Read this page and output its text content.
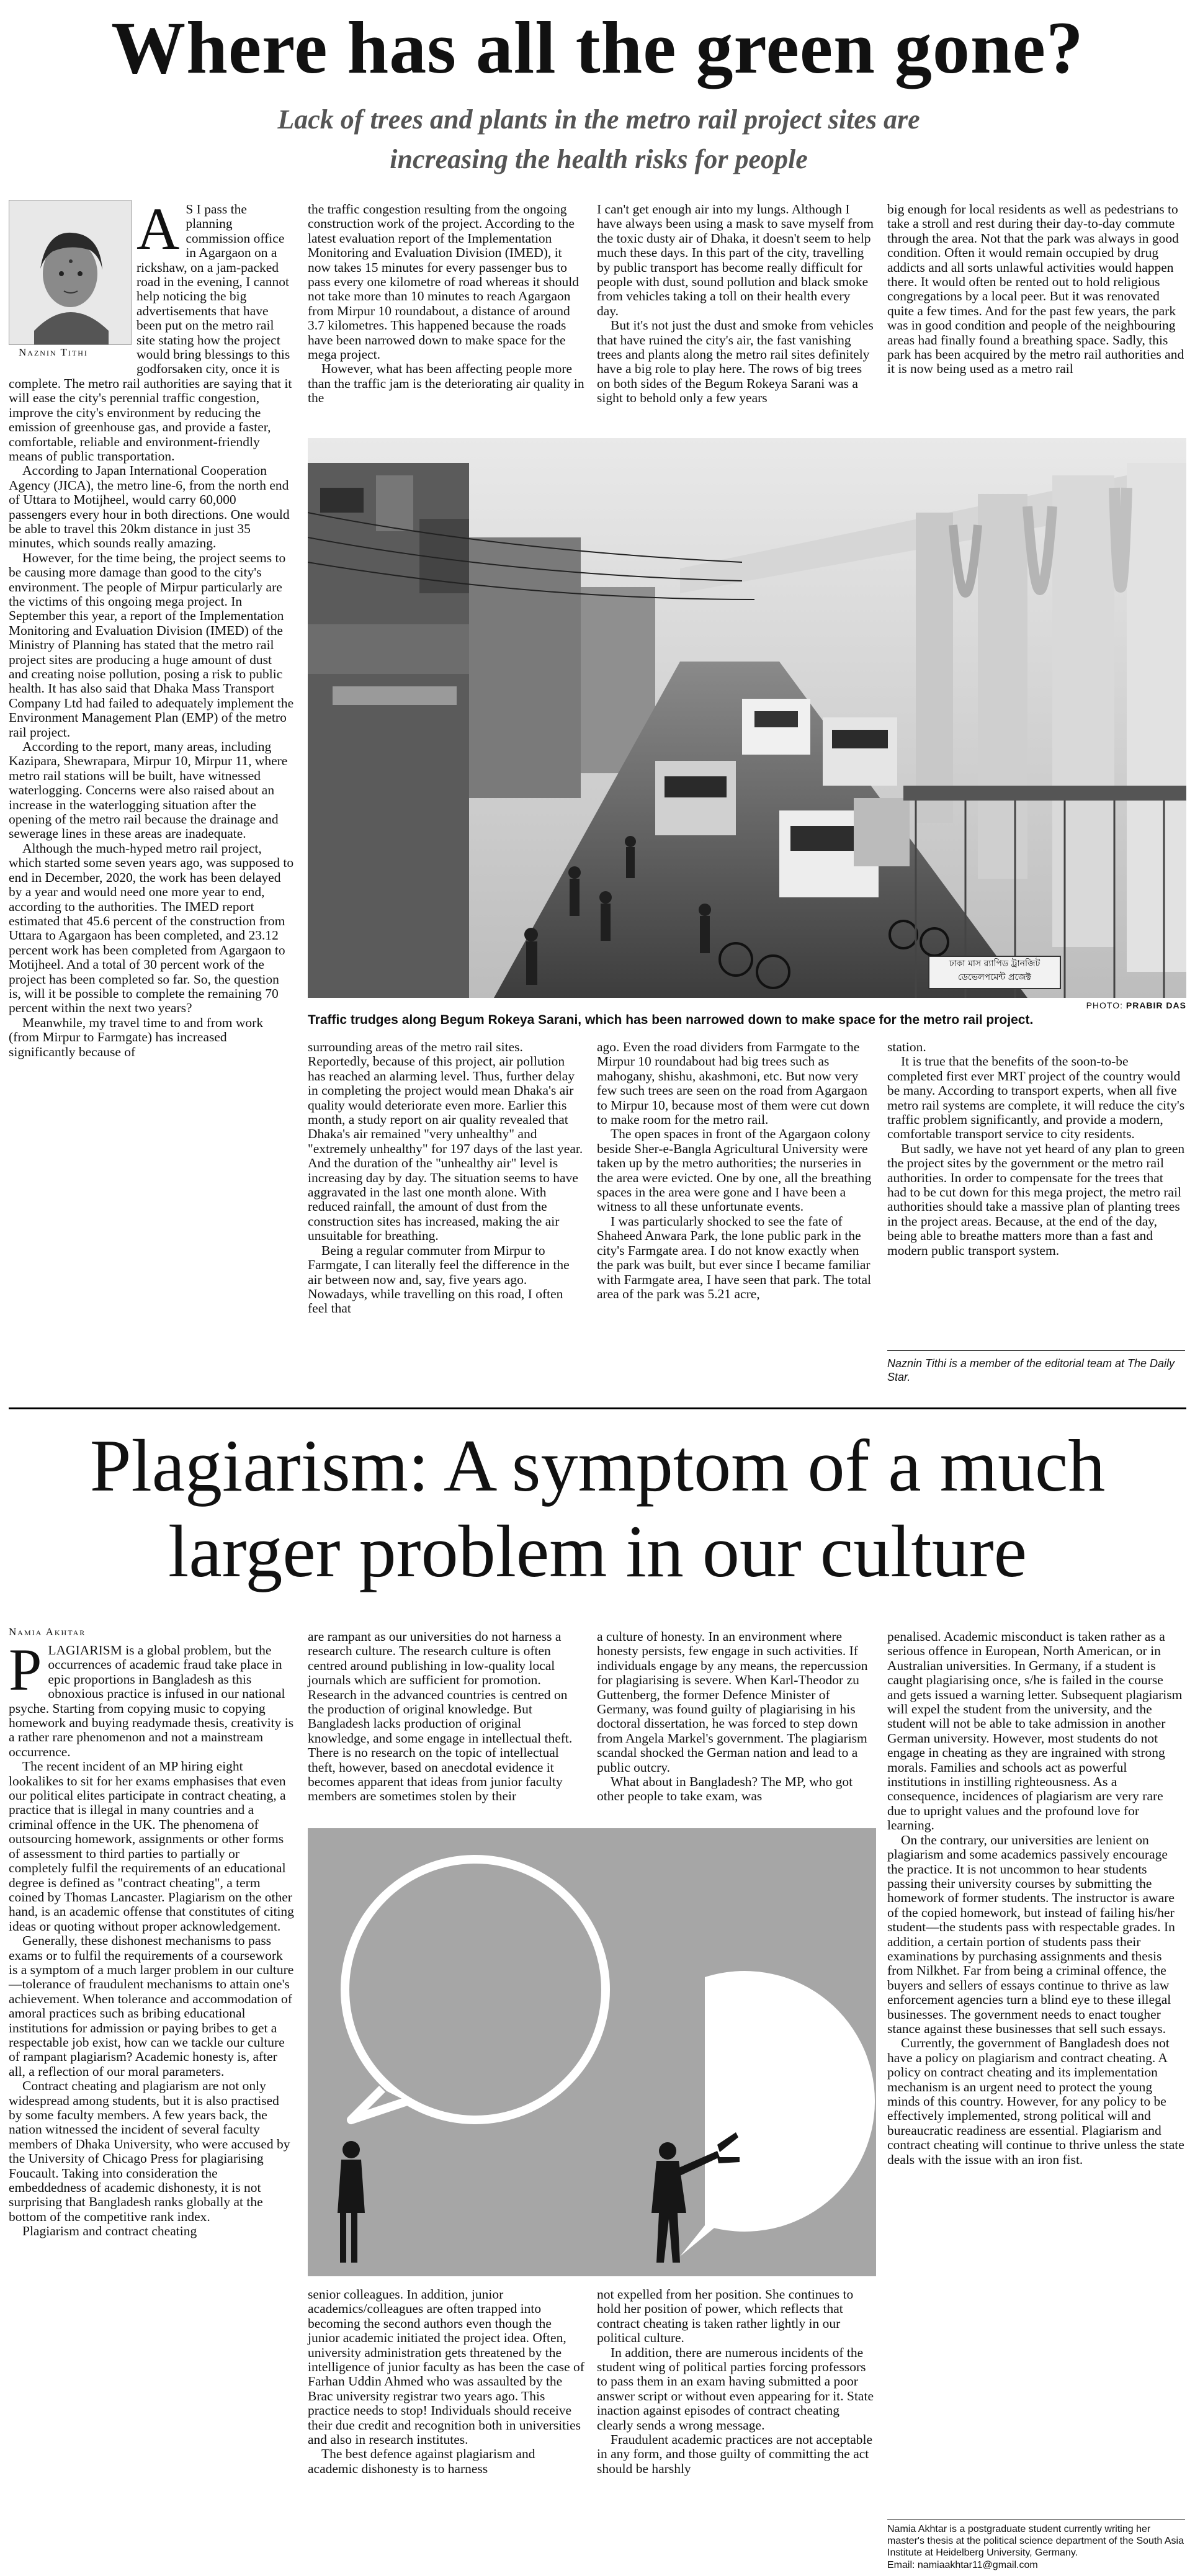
Where has all the green gone?
Lack of trees and plants in the metro rail project sites are
increasing the health risks for people
Naznin Tithi

A S I pass the planning commission office in Agargaon on a rickshaw, on a jam-packed road in the evening, I cannot help noticing the big advertisements that have been put on the metro rail site stating how the project would bring blessings to this godforsaken city, once it is complete. The metro rail authorities are saying that it will ease the city's perennial traffic congestion, improve the city's environment by reducing the emission of greenhouse gas, and provide a faster, comfortable, reliable and environment-friendly means of public transportation.

According to Japan International Cooperation Agency (JICA), the metro line-6, from the north end of Uttara to Motijheel, would carry 60,000 passengers every hour in both directions. One would be able to travel this 20km distance in just 35 minutes, which sounds really amazing.

However, for the time being, the project seems to be causing more damage than good to the city's environment. The people of Mirpur particularly are the victims of this ongoing mega project. In September this year, a report of the Implementation Monitoring and Evaluation Division (IMED) of the Ministry of Planning has stated that the metro rail project sites are producing a huge amount of dust and creating noise pollution, posing a risk to public health. It has also said that Dhaka Mass Transport Company Ltd had failed to adequately implement the Environment Management Plan (EMP) of the metro rail project.

According to the report, many areas, including Kazipara, Shewrapara, Mirpur 10, Mirpur 11, where metro rail stations will be built, have witnessed waterlogging. Concerns were also raised about an increase in the waterlogging situation after the opening of the metro rail because the drainage and sewerage lines in these areas are inadequate.

Although the much-hyped metro rail project, which started some seven years ago, was supposed to end in December, 2020, the work has been delayed by a year and would need one more year to end, according to the authorities. The IMED report estimated that 45.6 percent of the construction from Uttara to Agargaon has been completed, and 23.12 percent work has been completed from Agargaon to Motijheel. And a total of 30 percent work of the project has been completed so far. So, the question is, will it be possible to complete the remaining 70 percent within the next two years?

Meanwhile, my travel time to and from work (from Mirpur to Farmgate) has increased significantly because of

the traffic congestion resulting from the ongoing construction work of the project. According to the latest evaluation report of the Implementation Monitoring and Evaluation Division (IMED), it now takes 15 minutes for every passenger bus to pass every one kilometre of road whereas it should not take more than 10 minutes to reach Agargaon from Mirpur 10 roundabout, a distance of around 3.7 kilometres. This happened because the roads have been narrowed down to make space for the mega project.

However, what has been affecting people more than the traffic jam is the deteriorating air quality in the

I can't get enough air into my lungs. Although I have always been using a mask to save myself from the toxic dusty air of Dhaka, it doesn't seem to help much these days. In this part of the city, travelling by public transport has become really difficult for people with dust, sound pollution and black smoke from vehicles taking a toll on their health every day.

But it's not just the dust and smoke from vehicles that have ruined the city's air, the fast vanishing trees and plants along the metro rail sites definitely have a big role to play here. The rows of big trees on both sides of the Begum Rokeya Sarani was a sight to behold only a few years

big enough for local residents as well as pedestrians to take a stroll and rest during their day-to-day commute through the area. Not that the park was always in good condition. Often it would remain occupied by drug addicts and all sorts unlawful activities would happen there. It would often be rented out to hold religious congregations by a local peer. But it was renovated quite a few times. And for the past few years, the park was in good condition and people of the neighbouring areas had finally found a breathing space. Sadly, this park has been acquired by the metro rail authorities and it is now being used as a metro rail

ঢাকা মাস র‍্যাপিড ট্রানজিট ডেভেলপমেন্ট প্রজেক্ট
PHOTO: PRABIR DAS
Traffic trudges along Begum Rokeya Sarani, which has been narrowed down to make space for the metro rail project.

surrounding areas of the metro rail sites. Reportedly, because of this project, air pollution has reached an alarming level. Thus, further delay in completing the project would mean Dhaka's air quality would deteriorate even more. Earlier this month, a study report on air quality revealed that Dhaka's air remained "very unhealthy" and "extremely unhealthy" for 197 days of the last year. And the duration of the "unhealthy air" level is increasing day by day. The situation seems to have aggravated in the last one month alone. With reduced rainfall, the amount of dust from the construction sites has increased, making the air unsuitable for breathing.

Being a regular commuter from Mirpur to Farmgate, I can literally feel the difference in the air between now and, say, five years ago. Nowadays, while travelling on this road, I often feel that

ago. Even the road dividers from Farmgate to the Mirpur 10 roundabout had big trees such as mahogany, shishu, akashmoni, etc. But now very few such trees are seen on the road from Agargaon to Mirpur 10, because most of them were cut down to make room for the metro rail.

The open spaces in front of the Agargaon colony beside Sher-e-Bangla Agricultural University were taken up by the metro authorities; the nurseries in the area were evicted. One by one, all the breathing spaces in the area were gone and I have been a witness to all these unfortunate events.

I was particularly shocked to see the fate of Shaheed Anwara Park, the lone public park in the city's Farmgate area. I do not know exactly when the park was built, but ever since I became familiar with Farmgate area, I have seen that park. The total area of the park was 5.21 acre,

station.

It is true that the benefits of the soon-to-be completed first ever MRT project of the country would be many. According to transport experts, when all five metro rail systems are complete, it will reduce the city's traffic problem significantly, and provide a modern, comfortable transport service to city residents.

But sadly, we have not yet heard of any plan to green the project sites by the government or the metro rail authorities. In order to compensate for the trees that had to be cut down for this mega project, the metro rail authorities should take a massive plan of planting trees in the project areas. Because, at the end of the day, being able to breathe matters more than a fast and modern public transport system.

Naznin Tithi is a member of the editorial team at The Daily Star.
Plagiarism: A symptom of a much
larger problem in our culture
Namia Akhtar

PLAGIARISM is a global problem, but the occurrences of academic fraud take place in epic proportions in Bangladesh as this obnoxious practice is infused in our national psyche. Starting from copying music to copying homework and buying readymade thesis, creativity is a rather rare phenomenon and not a mainstream occurrence.

The recent incident of an MP hiring eight lookalikes to sit for her exams emphasises that even our political elites participate in contract cheating, a practice that is illegal in many countries and a criminal offence in the UK. The phenomena of outsourcing homework, assignments or other forms of assessment to third parties to partially or completely fulfil the requirements of an educational degree is defined as "contract cheating", a term coined by Thomas Lancaster. Plagiarism on the other hand, is an academic offense that constitutes of citing ideas or quoting without proper acknowledgement.

Generally, these dishonest mechanisms to pass exams or to fulfil the requirements of a coursework is a symptom of a much larger problem in our culture—tolerance of fraudulent mechanisms to attain one's achievement. When tolerance and accommodation of amoral practices such as bribing educational institutions for admission or paying bribes to get a respectable job exist, how can we tackle our culture of rampant plagiarism? Academic honesty is, after all, a reflection of our moral parameters.

Contract cheating and plagiarism are not only widespread among students, but it is also practised by some faculty members. A few years back, the nation witnessed the incident of several faculty members of Dhaka University, who were accused by the University of Chicago Press for plagiarising Foucault. Taking into consideration the embeddedness of academic dishonesty, it is not surprising that Bangladesh ranks globally at the bottom of the competitive rank index.

Plagiarism and contract cheating

are rampant as our universities do not harness a research culture. The research culture is often centred around publishing in low-quality local journals which are sufficient for promotion. Research in the advanced countries is centred on the production of original knowledge. But Bangladesh lacks production of original knowledge, and some engage in intellectual theft. There is no research on the topic of intellectual theft, however, based on anecdotal evidence it becomes apparent that ideas from junior faculty members are sometimes stolen by their

a culture of honesty. In an environment where honesty persists, few engage in such activities. If individuals engage by any means, the repercussion for plagiarising is severe. When Karl-Theodor zu Guttenberg, the former Defence Minister of Germany, was found guilty of plagiarising in his doctoral dissertation, he was forced to step down from Angela Markel's government. The plagiarism scandal shocked the German nation and lead to a public outcry.

What about in Bangladesh? The MP, who got other people to take exam, was

penalised. Academic misconduct is taken rather as a serious offence in European, North American, or in Australian universities. In Germany, if a student is caught plagiarising once, s/he is failed in the course and gets issued a warning letter. Subsequent plagiarism will expel the student from the university, and the student will not be able to take admission in another German university. However, most students do not engage in cheating as they are ingrained with strong morals. Families and schools act as powerful institutions in instilling righteousness. As a consequence, incidences of plagiarism are very rare due to upright values and the profound love for learning.

On the contrary, our universities are lenient on plagiarism and some academics passively encourage the practice. It is not uncommon to hear students passing their university courses by submitting the homework of former students. The instructor is aware of the copied homework, but instead of failing his/her student—the students pass with respectable grades. In addition, a certain portion of students pass their examinations by purchasing assignments and thesis from Nilkhet. Far from being a criminal offence, the buyers and sellers of essays continue to thrive as law enforcement agencies turn a blind eye to these illegal businesses. The government needs to enact tougher stance against these businesses that sell such essays.

Currently, the government of Bangladesh does not have a policy on plagiarism and contract cheating. A policy on contract cheating and its implementation mechanism is an urgent need to protect the young minds of this country. However, for any policy to be effectively implemented, strong political will and bureaucratic readiness are essential. Plagiarism and contract cheating will continue to thrive unless the state deals with the issue with an iron fist.

senior colleagues. In addition, junior academics/colleagues are often trapped into becoming the second authors even though the junior academic initiated the project idea. Often, university administration gets threatened by the intelligence of junior faculty as has been the case of Farhan Uddin Ahmed who was assaulted by the Brac university registrar two years ago. This practice needs to stop! Individuals should receive their due credit and recognition both in universities and also in research institutes.

The best defence against plagiarism and academic dishonesty is to harness

not expelled from her position. She continues to hold her position of power, which reflects that contract cheating is taken rather lightly in our political culture.

In addition, there are numerous incidents of the student wing of political parties forcing professors to pass them in an exam having submitted a poor answer script or without even appearing for it. State inaction against episodes of contract cheating clearly sends a wrong message.

Fraudulent academic practices are not acceptable in any form, and those guilty of committing the act should be harshly

Namia Akhtar is a postgraduate student currently writing her master's thesis at the political science department of the South Asia Institute at Heidelberg University, Germany.
Email: namiaakhtar11@gmail.com
